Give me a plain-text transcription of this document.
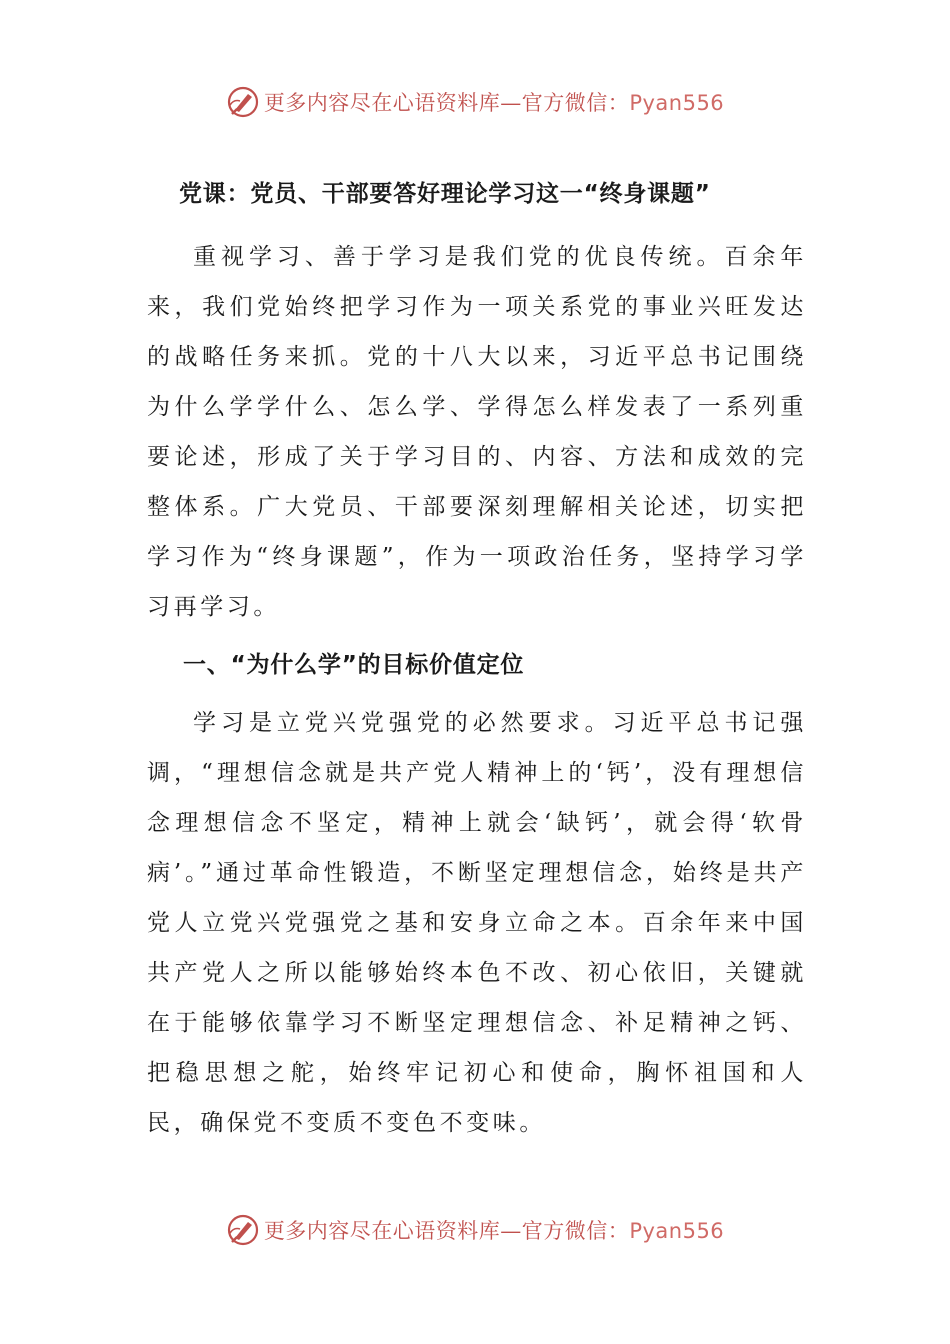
更多内容尽在心语资料库—官方微信：Pyan556
党课：党员、干部要答好理论学习这一“终身课题”

重视学习、善于学习是我们党的优良传统。百余年来，我们党始终把学习作为一项关系党的事业兴旺发达的战略任务来抓。党的十八大以来，习近平总书记围绕为什么学学什么、怎么学、学得怎么样发表了一系列重要论述，形成了关于学习目的、内容、方法和成效的完整体系。广大党员、干部要深刻理解相关论述，切实把学习作为“终身课题”，作为一项政治任务，坚持学习学习再学习。

一、“为什么学”的目标价值定位

学习是立党兴党强党的必然要求。习近平总书记强调，“理想信念就是共产党人精神上的‘钙’，没有理想信念理想信念不坚定，精神上就会‘缺钙’，就会得‘软骨病’。”通过革命性锻造，不断坚定理想信念，始终是共产党人立党兴党强党之基和安身立命之本。百余年来中国共产党人之所以能够始终本色不改、初心依旧，关键就在于能够依靠学习不断坚定理想信念、补足精神之钙、把稳思想之舵，始终牢记初心和使命，胸怀祖国和人民，确保党不变质不变色不变味。

更多内容尽在心语资料库—官方微信：Pyan556
